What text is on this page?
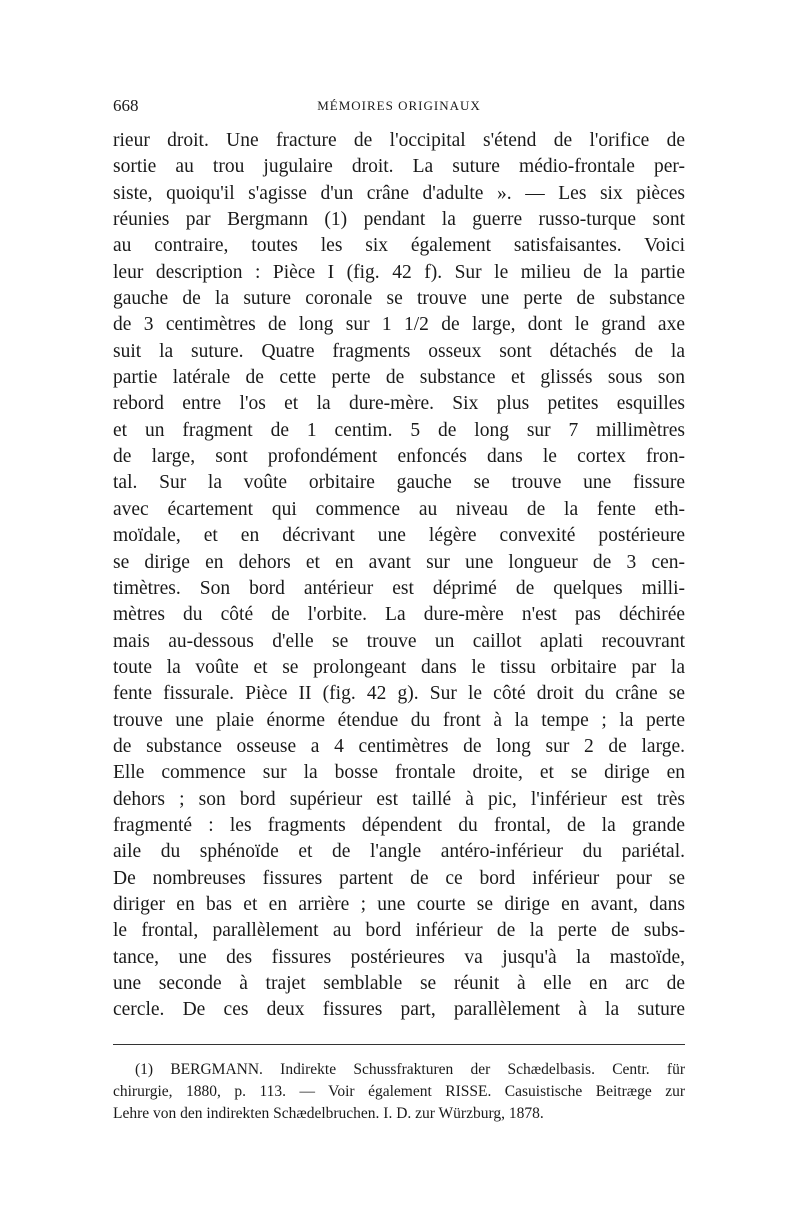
668	MÉMOIRES ORIGINAUX
rieur droit. Une fracture de l'occipital s'étend de l'orifice de
sortie au trou jugulaire droit. La suture médio-frontale per-
siste, quoiqu'il s'agisse d'un crâne d'adulte ». — Les six pièces
réunies par Bergmann (1) pendant la guerre russo-turque sont
au contraire, toutes les six également satisfaisantes. Voici
leur description : Pièce I (fig. 42 f). Sur le milieu de la partie
gauche de la suture coronale se trouve une perte de substance
de 3 centimètres de long sur 1 1/2 de large, dont le grand axe
suit la suture. Quatre fragments osseux sont détachés de la
partie latérale de cette perte de substance et glissés sous son
rebord entre l'os et la dure-mère. Six plus petites esquilles
et un fragment de 1 centim. 5 de long sur 7 millimètres
de large, sont profondément enfoncés dans le cortex fron-
tal. Sur la voûte orbitaire gauche se trouve une fissure
avec écartement qui commence au niveau de la fente eth-
moïdale, et en décrivant une légère convexité postérieure
se dirige en dehors et en avant sur une longueur de 3 cen-
timètres. Son bord antérieur est déprimé de quelques milli-
mètres du côté de l'orbite. La dure-mère n'est pas déchirée
mais au-dessous d'elle se trouve un caillot aplati recouvrant
toute la voûte et se prolongeant dans le tissu orbitaire par la
fente fissurale. Pièce II (fig. 42 g). Sur le côté droit du crâne se
trouve une plaie énorme étendue du front à la tempe ; la perte
de substance osseuse a 4 centimètres de long sur 2 de large.
Elle commence sur la bosse frontale droite, et se dirige en
dehors ; son bord supérieur est taillé à pic, l'inférieur est très
fragmenté : les fragments dépendent du frontal, de la grande
aile du sphénoïde et de l'angle antéro-inférieur du pariétal.
De nombreuses fissures partent de ce bord inférieur pour se
diriger en bas et en arrière ; une courte se dirige en avant, dans
le frontal, parallèlement au bord inférieur de la perte de subs-
tance, une des fissures postérieures va jusqu'à la mastoïde,
une seconde à trajet semblable se réunit à elle en arc de
cercle. De ces deux fissures part, parallèlement à la suture
(1) BERGMANN. Indirekte Schussfrakturen der Schædelbasis. Centr. für
chirurgie, 1880, p. 113. — Voir également RISSE. Casuistische Beitræge zur
Lehre von den indirekten Schædelbruchen. I. D. zur Würzburg, 1878.
